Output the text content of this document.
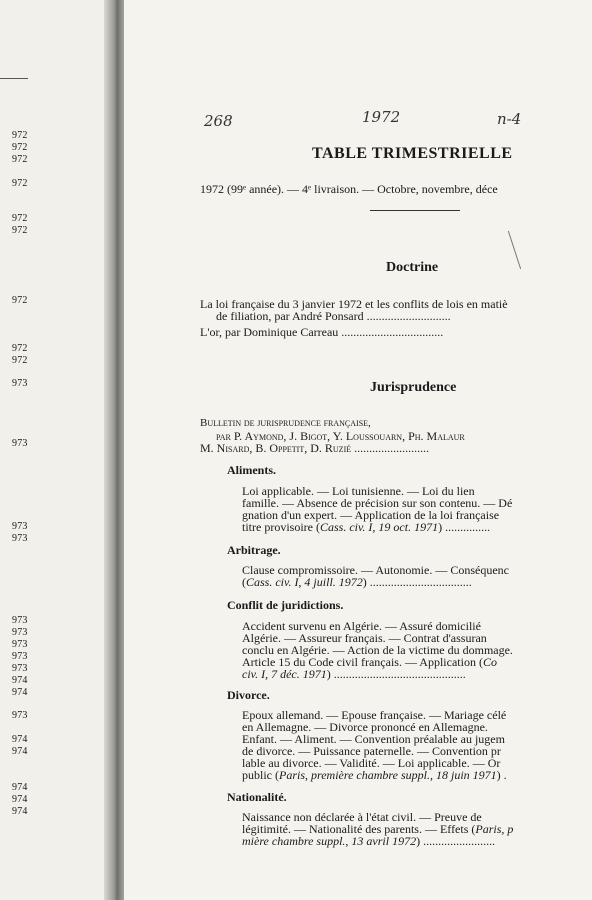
972
972
972
972
972
972
972
972
972
973
973
973
973
973
973
973
973
973
974
974
973
974
974
974
974
974
268	1972	n-4
TABLE TRIMESTRIELLE
1972 (99ᵉ année). — 4ᵉ livraison. — Octobre, novembre, déce
Doctrine
La loi française du 3 janvier 1972 et les conflits de lois en matiè
de filiation, par André Ponsard ............................
L'or, par Dominique Carreau ..................................
Jurisprudence
Bulletin de jurisprudence française,
par P. Aymond, J. Bigot, Y. Loussouarn, Ph. Malaur
M. Nisard, B. Oppetit, D. Ruzié .........................
Aliments.
Loi applicable. — Loi tunisienne. — Loi du lien
famille. — Absence de précision sur son contenu. — Dé
gnation d'un expert. — Application de la loi française
titre provisoire (Cass. civ. I, 19 oct. 1971) ...............
Arbitrage.
Clause compromissoire. — Autonomie. — Conséquenc
(Cass. civ. I, 4 juill. 1972) ..................................
Conflit de juridictions.
Accident survenu en Algérie. — Assuré domicilié
Algérie. — Assureur français. — Contrat d'assuran
conclu en Algérie. — Action de la victime du dommage.
Article 15 du Code civil français. — Application (Co
civ. I, 7 déc. 1971) ............................................
Divorce.
Epoux allemand. — Epouse française. — Mariage célé
en Allemagne. — Divorce prononcé en Allemagne.
Enfant. — Aliment. — Convention préalable au jugem
de divorce. — Puissance paternelle. — Convention pr
lable au divorce. — Validité. — Loi applicable. — Or
public (Paris, première chambre suppl., 18 juin 1971) .
Nationalité.
Naissance non déclarée à l'état civil. — Preuve de
légitimité. — Nationalité des parents. — Effets (Paris, p
mière chambre suppl., 13 avril 1972) ........................
